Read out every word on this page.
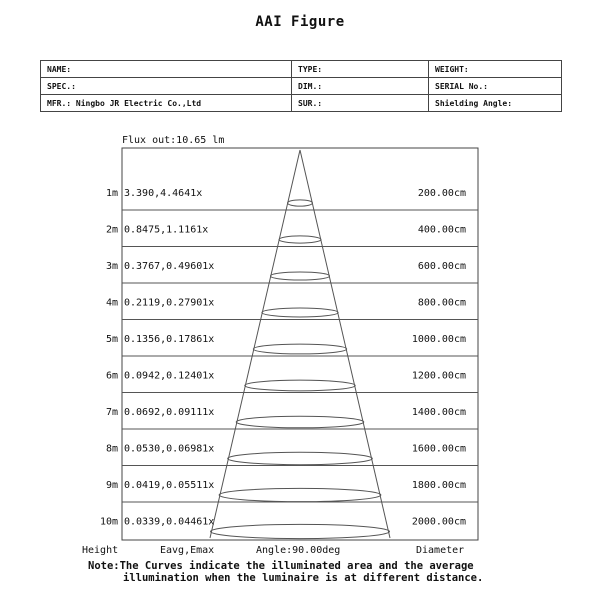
AAI Figure
NAME:	TYPE:	WEIGHT:
SPEC.:	DIM.:	SERIAL No.:
MFR.: Ningbo JR Electric Co.,Ltd	SUR.:	Shielding Angle:
Flux out:10.65 lm
1m 3.390,4.4641x	200.00cm
2m 0.8475,1.1161x	400.00cm
3m 0.3767,0.49601x	600.00cm
4m 0.2119,0.27901x	800.00cm
5m 0.1356,0.17861x	1000.00cm
6m 0.0942,0.12401x	1200.00cm
7m 0.0692,0.09111x	1400.00cm
8m 0.0530,0.06981x	1600.00cm
9m 0.0419,0.05511x	1800.00cm
10m 0.0339,0.04461x	2000.00cm
Height	Eavg,Emax	Angle:90.00deg	Diameter
Note:The Curves indicate the illuminated area and the average
illumination when the luminaire is at different distance.
